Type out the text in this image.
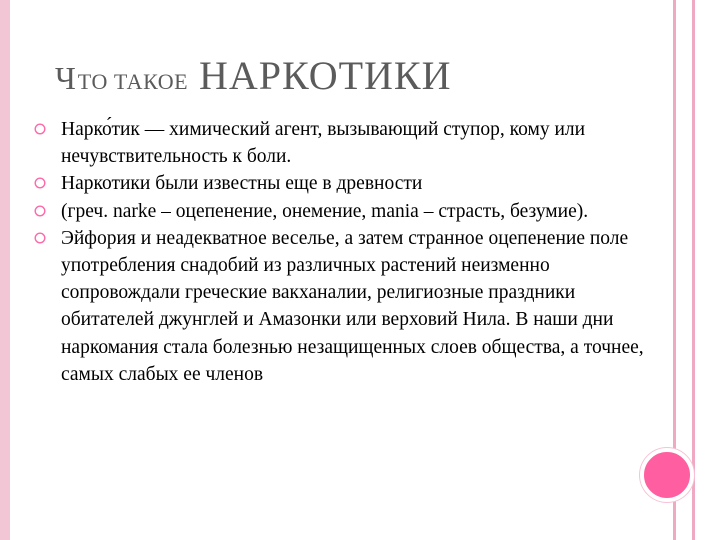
ЧТО ТАКОЕ НАРКОТИКИ
Нарко́тик — химический агент, вызывающий ступор, кому или нечувствительность к боли.
Наркотики были известны еще в древности
(греч. narke – оцепенение, онемение, mania – страсть, безумие).
Эйфория и неадекватное веселье, а затем странное оцепенение поле употребления снадобий из различных растений неизменно сопровождали греческие вакханалии, религиозные праздники обитателей джунглей и Амазонки или верховий Нила. В наши дни наркомания стала болезнью незащищенных слоев общества, а точнее, самых слабых ее членов
